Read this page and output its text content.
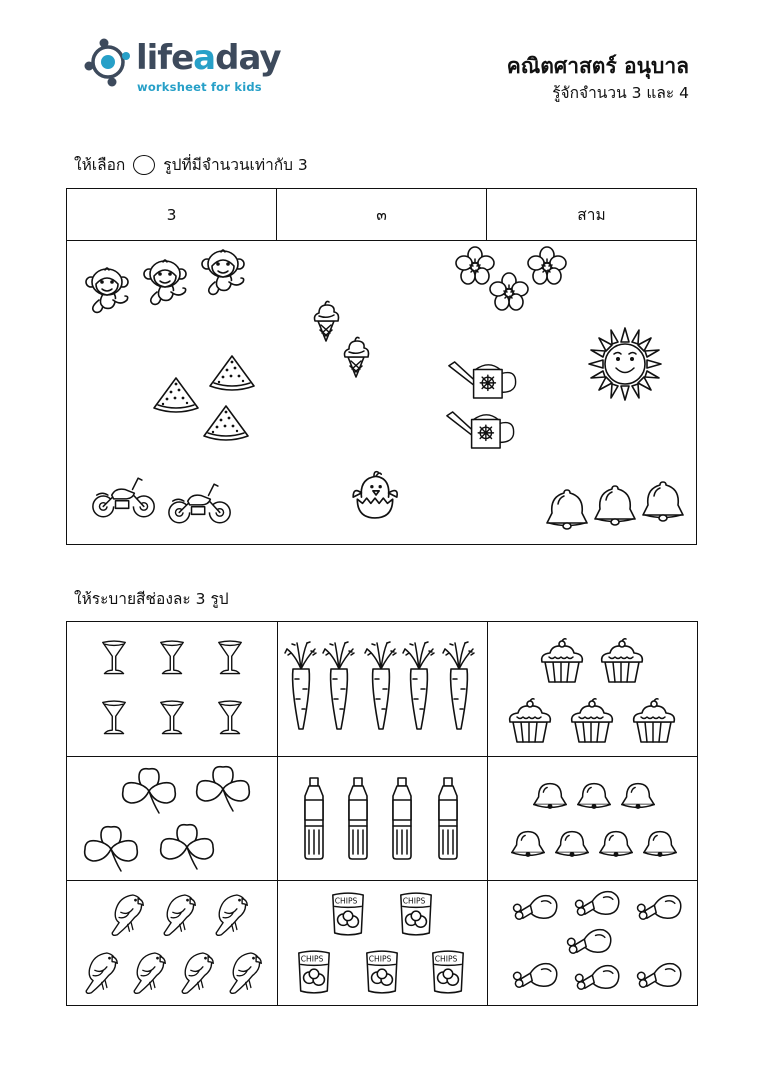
lifeaday
worksheet for kids
คณิตศาสตร์ อนุบาล
รู้จักจำนวน 3 และ 4
ให้เลือก รูปที่มีจำนวนเท่ากับ 3
3	๓	สาม
ให้ระบายสีช่องละ 3 รูป
